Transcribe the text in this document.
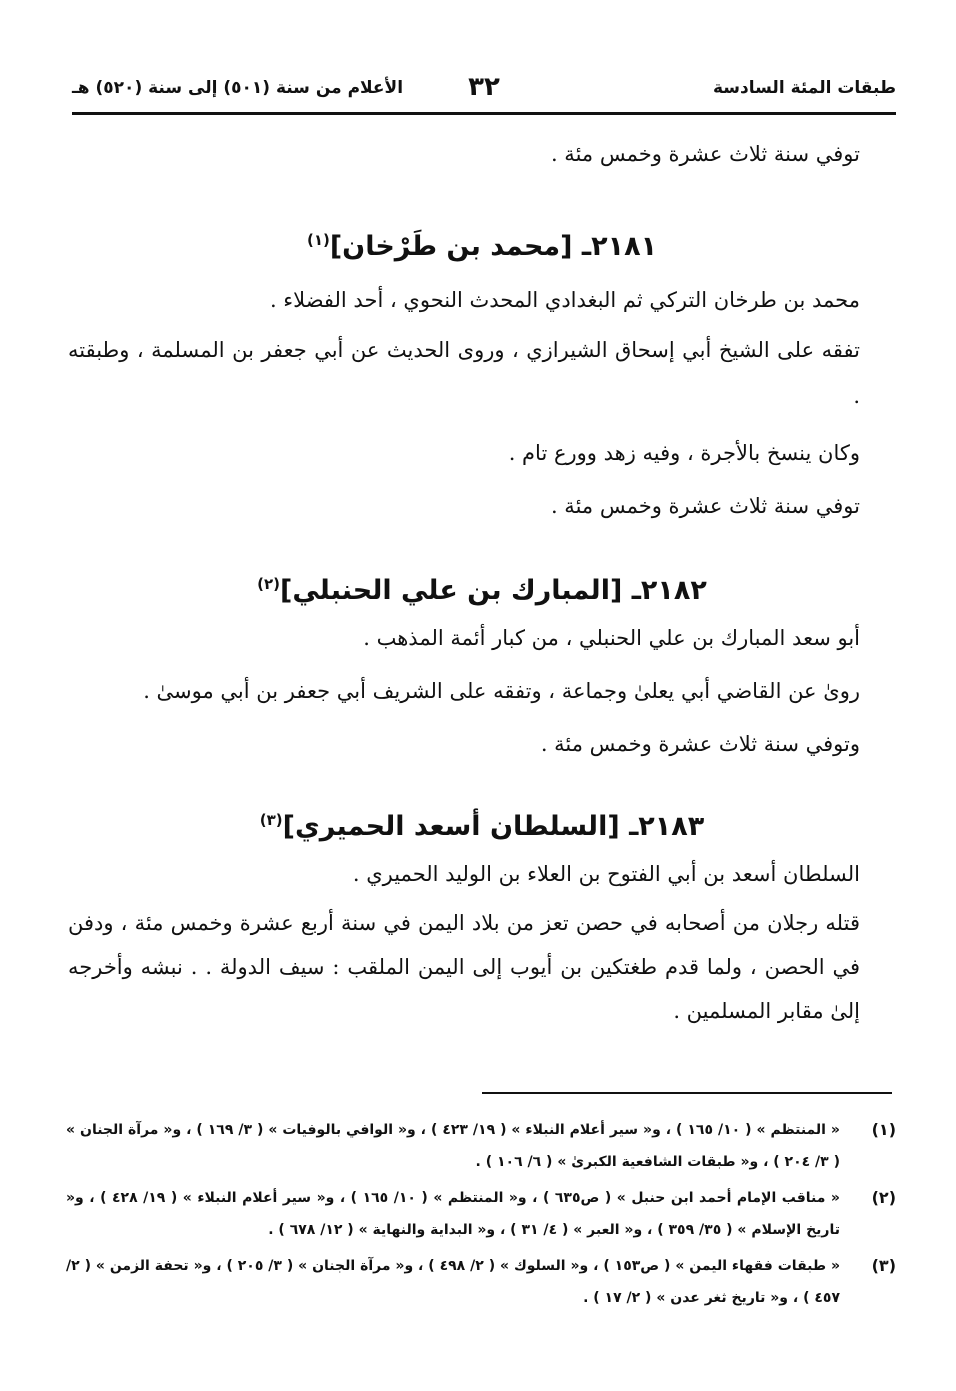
طبقات المئة السادسة
٣٢
الأعلام من سنة (٥٠١) إلى سنة (٥٢٠) هـ

توفي سنة ثلاث عشرة وخمس مئة .

٢١٨١ـ [محمد بن طَرْخان]$^{(١)}$

محمد بن طرخان التركي ثم البغدادي المحدث النحوي ، أحد الفضلاء .

تفقه على الشيخ أبي إسحاق الشيرازي ، وروى الحديث عن أبي جعفر بن المسلمة ، وطبقته .

وكان ينسخ بالأجرة ، وفيه زهد وورع تام .

توفي سنة ثلاث عشرة وخمس مئة .

٢١٨٢ـ [المبارك بن علي الحنبلي]$^{(٢)}$

أبو سعد المبارك بن علي الحنبلي ، من كبار أئمة المذهب .

روىٰ عن القاضي أبي يعلىٰ وجماعة ، وتفقه على الشريف أبي جعفر بن أبي موسىٰ .

وتوفي سنة ثلاث عشرة وخمس مئة .

٢١٨٣ـ [السلطان أسعد الحميري]$^{(٣)}$

السلطان أسعد بن أبي الفتوح بن العلاء بن الوليد الحميري .

قتله رجلان من أصحابه في حصن تعز من بلاد اليمن في سنة أربع عشرة وخمس مئة ، ودفن في الحصن ، ولما قدم طغتكين بن أيوب إلى اليمن الملقب : سيف الدولة . . نبشه وأخرجه إلىٰ مقابر المسلمين .

(١)
« المنتظم » ( ١٠/ ١٦٥ ) ، و« سير أعلام النبلاء » ( ١٩/ ٤٢٣ ) ، و« الوافي بالوفيات » ( ٣/ ١٦٩ ) ، و« مرآة الجنان » ( ٣/ ٢٠٤ ) ، و« طبقات الشافعية الكبرىٰ » ( ٦/ ١٠٦ ) .

(٢)
« مناقب الإمام أحمد ابن حنبل » ( ص٦٣٥ ) ، و« المنتظم » ( ١٠/ ١٦٥ ) ، و« سير أعلام النبلاء » ( ١٩/ ٤٢٨ ) ، و« تاريخ الإسلام » ( ٣٥/ ٣٥٩ ) ، و« العبر » ( ٤/ ٣١ ) ، و« البداية والنهاية » ( ١٢/ ٦٧٨ ) .

(٣)
« طبقات فقهاء اليمن » ( ص١٥٣ ) ، و« السلوك » ( ٢/ ٤٩٨ ) ، و« مرآة الجنان » ( ٣/ ٢٠٥ ) ، و« تحفة الزمن » ( ٢/ ٤٥٧ ) ، و« تاريخ ثغر عدن » ( ٢/ ١٧ ) .
